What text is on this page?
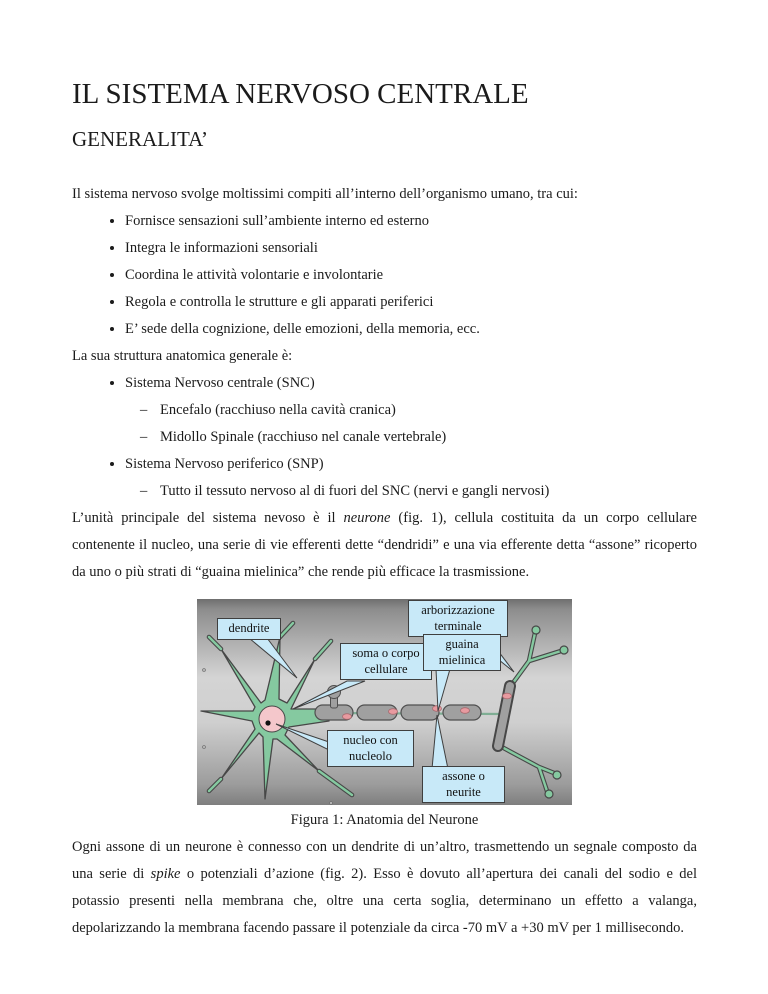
IL SISTEMA NERVOSO CENTRALE
GENERALITA’

Il sistema nervoso svolge moltissimi compiti all’interno dell’organismo umano, tra cui:

• Fornisce sensazioni sull’ambiente interno ed esterno
• Integra le informazioni sensoriali
• Coordina le attività volontarie e involontarie
• Regola e controlla le strutture e gli apparati periferici
• E’ sede della cognizione, delle emozioni, della memoria, ecc.

La sua struttura anatomica generale è:

• Sistema Nervoso centrale (SNC)
– Encefalo (racchiuso nella cavità cranica)
– Midollo Spinale (racchiuso nel canale vertebrale)
• Sistema Nervoso periferico (SNP)
– Tutto il tessuto nervoso al di fuori del SNC (nervi e gangli nervosi)

L’unità principale del sistema nevoso è il neurone (fig. 1), cellula costituita da un corpo cellulare contenente il nucleo, una serie di vie efferenti dette “dendridi” e una via efferente detta “assone” ricoperto da uno o più strati di “guaina mielinica” che rende più efficace la trasmissione.

soma o corpo cellulare
arborizzazione terminale
guaina mielinica
nucleo con nucleolo
assone o neurite
dendrite
Figura 1: Anatomia del Neurone

Ogni assone di un neurone è connesso con un dendrite di un’altro, trasmettendo un segnale composto da una serie di spike o potenziali d’azione (fig. 2). Esso è dovuto all’apertura dei canali del sodio e del potassio presenti nella membrana che, oltre una certa soglia, determinano un effetto a valanga, depolarizzando la membrana facendo passare il potenziale da circa -70 mV a +30 mV per 1 millisecondo.
